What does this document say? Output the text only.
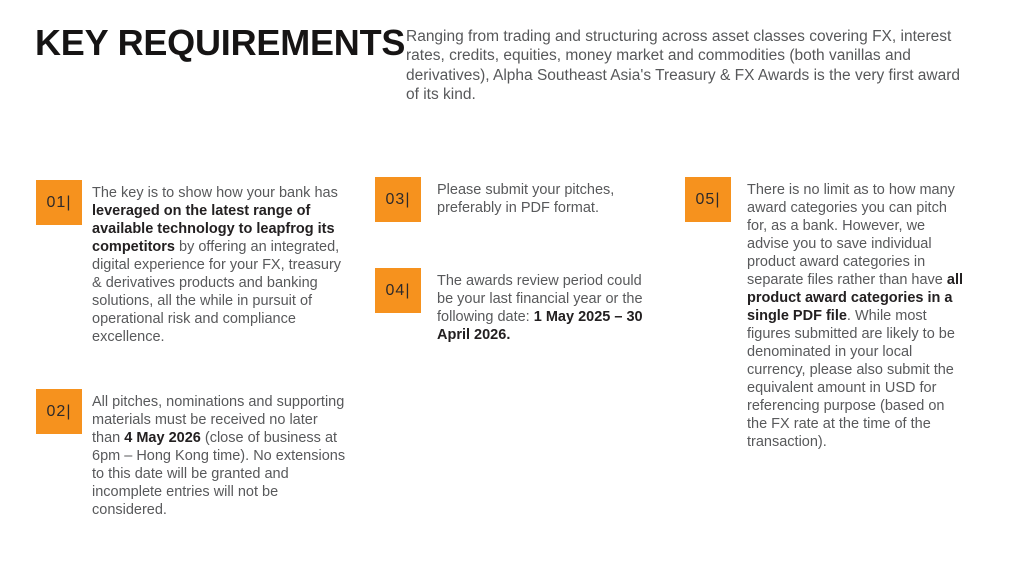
KEY REQUIREMENTS Ranging from trading and structuring across asset classes covering FX, interest rates, credits, equities, money market and commodities (both vanillas and derivatives), Alpha Southeast Asia's Treasury & FX Awards is the very first award of its kind.

01|
The key is to show how your bank has leveraged on the latest range of available technology to leapfrog its competitors by offering an integrated, digital experience for your FX, treasury & derivatives products and banking solutions, all the while in pursuit of operational risk and compliance excellence.
02|
All pitches, nominations and supporting materials must be received no later than 4 May 2026 (close of business at 6pm – Hong Kong time). No extensions to this date will be granted and incomplete entries will not be considered.
03|
Please submit your pitches, preferably in PDF format.
04|
The awards review period could be your last financial year or the following date: 1 May 2025 – 30 April 2026.
05|
There is no limit as to how many award categories you can pitch for, as a bank. However, we advise you to save individual product award categories in separate files rather than have all product award categories in a single PDF file. While most figures submitted are likely to be denominated in your local currency, please also submit the equivalent amount in USD for referencing purpose (based on the FX rate at the time of the transaction).
